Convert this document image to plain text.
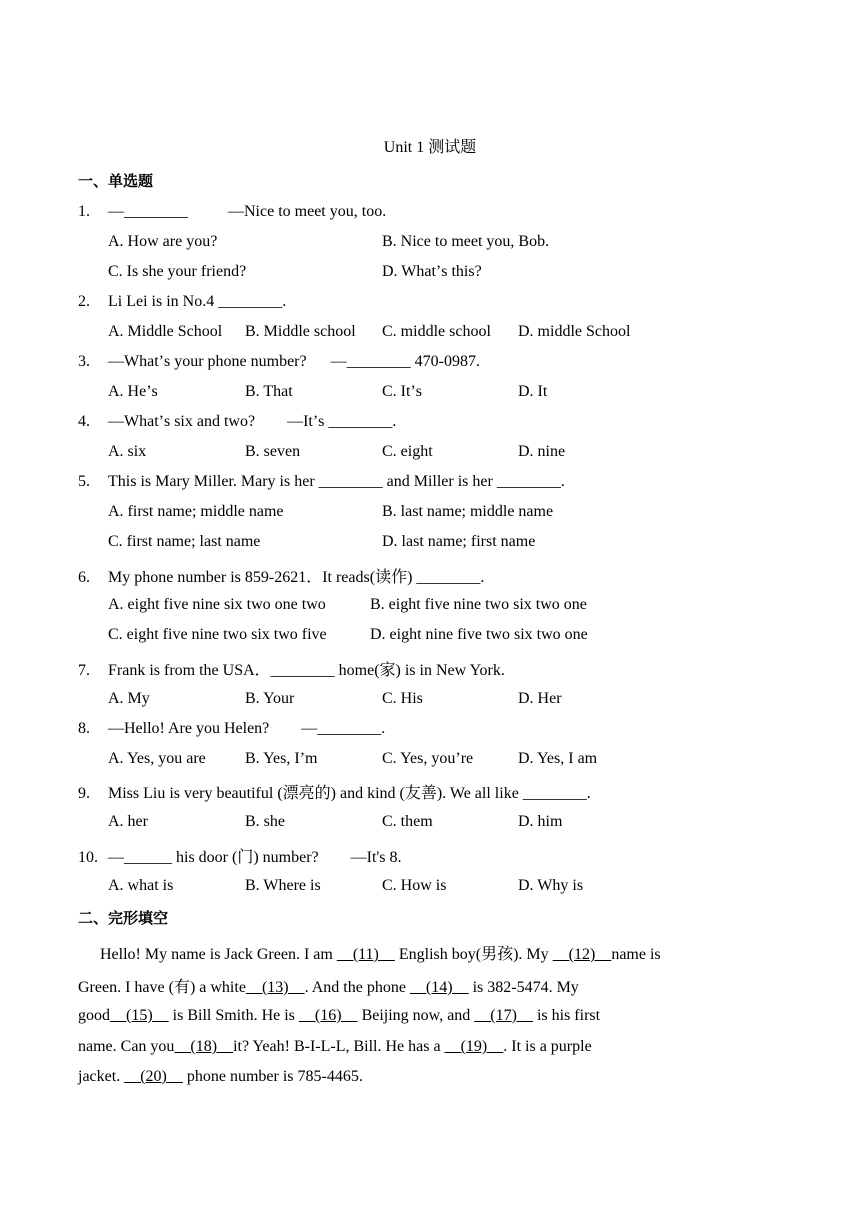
Unit 1 测试题
一、单选题
1. —________          —Nice to meet you, too.
A. How are you?	B. Nice to meet you, Bob.
C. Is she your friend?	D. Whatʼs this?
2. Li Lei is in No.4 ________.
A. Middle School B. Middle school C. middle school D. middle School
3. —Whatʼs your phone number?      —________ 470-0987.
A. Heʼs	B. That	C. Itʼs	D. It
4. —Whatʼs six and two?        —Itʼs ________.
A. six	B. seven	C. eight	D. nine
5. This is Mary Miller. Mary is her ________ and Miller is her ________.
A. first name; middle name	B. last name; middle name
C. first name; last name	D. last name; first name
6. My phone number is 859-2621．It reads(读作) ________.
A. eight five nine six two one two	B. eight five nine two six two one
C. eight five nine two six two five	D. eight nine five two six two one
7. Frank is from the USA．________ home(家) is in New York.
A. My	B. Your	C. His	D. Her
8. —Hello! Are you Helen?        —________.
A. Yes, you are B. Yes, Iʼm	C. Yes, youʼre	D. Yes, I am
9. Miss Liu is very beautiful (漂亮的) and kind (友善). We all like ________.
A. her	B. she	C. them	D. him
10. —______ his door (门) number?        —It's 8.
A. what is	B. Where is	C. How is	D. Why is
二、完形填空
Hello! My name is Jack Green. I am     (11)     English boy(男孩). My     (12)    name is
Green. I have (有) a white    (13)    . And the phone     (14)     is 382-5474. My
good    (15)     is Bill Smith. He is     (16)     Beijing now, and     (17)     is his first
name. Can you    (18)    it? Yeah! B-I-L-L, Bill. He has a     (19)    . It is a purple
jacket.     (20)     phone number is 785-4465.
